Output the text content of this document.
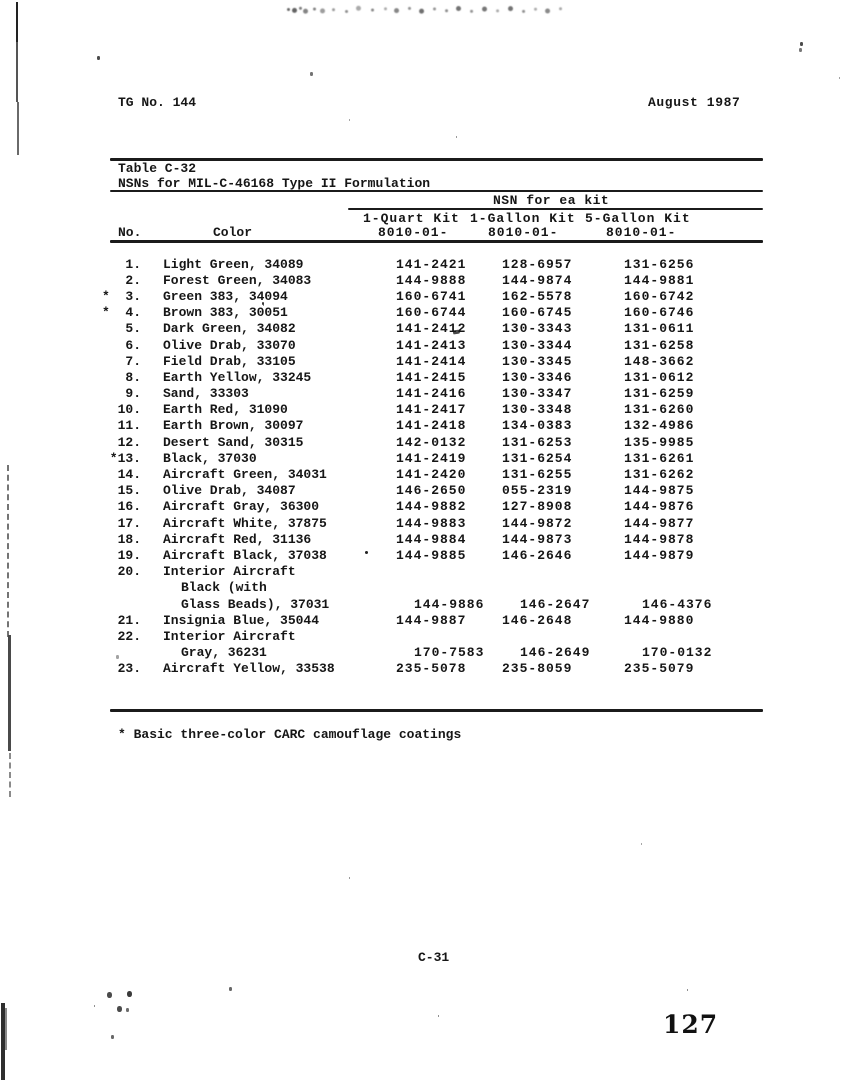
TG No. 144	August 1987
Table C-32
NSNs for MIL-C-46168 Type II Formulation
NSN for ea kit
1-Quart Kit 1-Gallon Kit 5-Gallon Kit
No.	Color	8010-01-	8010-01-	8010-01-
1.	Light Green, 34089	141-2421	128-6957	131-6256
2.	Forest Green, 34083	144-9888	144-9874	144-9881
*  3.	Green 383, 34094	160-6741	162-5578	160-6742
*  4.	Brown 383, 30051	160-6744	160-6745	160-6746
5.	Dark Green, 34082	141-2412	130-3343	131-0611
6.	Olive Drab, 33070	141-2413	130-3344	131-6258
7.	Field Drab, 33105	141-2414	130-3345	148-3662
8.	Earth Yellow, 33245	141-2415	130-3346	131-0612
9.	Sand, 33303	141-2416	130-3347	131-6259
10.	Earth Red, 31090	141-2417	130-3348	131-6260
11.	Earth Brown, 30097	141-2418	134-0383	132-4986
12.	Desert Sand, 30315	142-0132	131-6253	135-9985
*13.	Black, 37030	141-2419	131-6254	131-6261
14.	Aircraft Green, 34031	141-2420	131-6255	131-6262
15.	Olive Drab, 34087	146-2650	055-2319	144-9875
16.	Aircraft Gray, 36300	144-9882	127-8908	144-9876
17.	Aircraft White, 37875	144-9883	144-9872	144-9877
18.	Aircraft Red, 31136	144-9884	144-9873	144-9878
19.	Aircraft Black, 37038	144-9885	146-2646	144-9879
20.	Interior Aircraft
Black (with
Glass Beads), 37031	144-9886	146-2647	146-4376
21.	Insignia Blue, 35044	144-9887	146-2648	144-9880
22.	Interior Aircraft
Gray, 36231	170-7583	146-2649	170-0132
23.	Aircraft Yellow, 33538	235-5078	235-8059	235-5079
* Basic three-color CARC camouflage coatings
C-31
127
